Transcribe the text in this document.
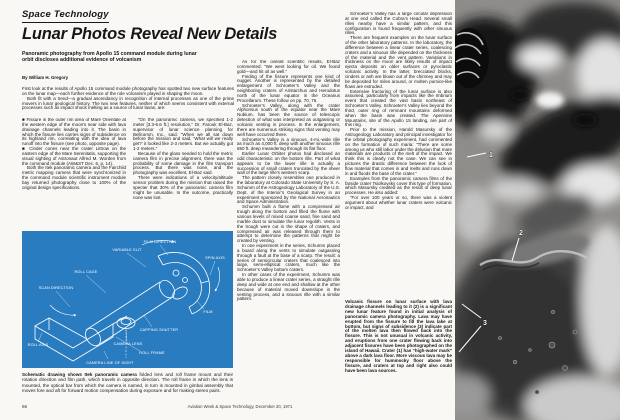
Space Technology
Lunar Photos Reveal New Details
Panoramic photography from Apollo 15 command module during lunar orbit discloses additional evidence of volcanism
By William H. Gregory

First look at the results of Apollo 15 command module photography has spotted two new surface features on the lunar map—each further evidence of the role volcanism played in shaping the moon.

Both fit with a trend—a gradual ascendancy in recognition of internal processes as one of the prime movers in lunar geological history. The two new features, neither of which seems consistent with external processes such as impact shock melting as a source of lunar lavas, are:

■ Fissure in the outer rim area of Mare Orientale at the western edge of the moon’s near side with lava drainage channels leading into it. The basin in which the fissure lies carries signs of subsidence on its highland rim, correlating with the idea of lava runoff into the fissure (see photo, opposite page).

■ Cinder cones near the crater Littrow on the eastern edge of the Mare Serenitatis, supporting the visual sighting of Astronaut Alfred M. Worden from the command module (AW&ST Dec. 6, p. 14).

Both the Itek panoramic camera and the Fairchild metric mapping camera that were synchronized in the command module scientific instrument module bay returned photography close to 100% of the original design specifications.

“On the panoramic camera, we specified 1-2 meter [3.3-6.6 ft.] resolution,” Dr. Farouk El-Baz, supervisor of lunar science planning for Bellcomm, Inc., said. “When we all sat down before the mission and said, ‘What will we really get?’ it looked like 2-3 meters. But we actually got 1-2 meters.”

Because of the glass needed to hold the metric camera film in precise alignment, there was the probability of some damage in the film transport process. But there was none, and the photography was excellent, El-Baz said.

There were indications of a velocity/altitude sensor problem during the mission that raised the specter that 30% of the panoramic camera film might be unusable. In the outcome, practically none was lost.

As for the overall scientific results, El-Baz commented: “We went looking for oil. We found gold—and hit oil as well.”

Finding of the fissure represents one kind of nugget. Another is represented by the detailed enlargement of Schroeter’s Valley and the neighboring craters of Aristarchus and Herodotus north of the lunar equator in the Oceanus Procellarum. These follow on pp. 70, 76.

Schroeter’s Valley, along with the crater Alphonsus south of the equator near the Mare Nubium, has been the source of telescopic detection of what was interpreted as outgassing or volcanic venting in process. In the enlargement, there are numerous striking signs that venting may well have occurred there.

Schroeter’s Valley is a sinuous, 4-mi.-wide rille as much as 4,000 ft. deep with another sinuous rille 650 ft. deep meandering through its flat floor.

Earlier Lunar Orbiter photos had disclosed an odd characteristic on the bottom rille. Part of what appears to be the lower rille is actually a succession of small craters truncated by the sheer wall of the large rille’s western scarp.

The pattern closely resembles one produced in the laboratory at Colorado State University by S. A. Schumm of the Astrogeology Laboratory of the U.S. Dept. of the Interior’s Geological Survey in an experiment sponsored by the National Aeronautics and Space Administration.

Schumm built a flume with a compressed air trough along the bottom and filled the flume with various levels of mixed coarse sand, fine sand and marble dust to simulate the lunar regolith. Vents in the trough were cut in the shape of craters, and compressed air was released through them to attempt to determine the patterns that might be created by venting.

In one experiment in the series, Schumm placed a board along the vents to simulate outgassing through a fault at the base of a scarp. The result: a series of semicircular craters that coalesced into large, semi-elliptical craters, much like the Schroeter’s Valley bottom craters.

In other cases of the experiment, Schumm was able to produce a linear crater series, a straight rille deep and wide at one end and shallow at the other because of material moved downslope in the venting process, and a sinuous rille with a similar pattern.

Schroeter’s Valley has a large circular depression at one end called the Cobra’s Head. Several small rilles nearby have a similar pattern, and this configuration is found frequently with other sinuous rilles.

There are frequent examples on the lunar surface of the other laboratory patterns. In the laboratory, the difference between a linear crater series, coalescing craters and a sinuous rille depended on the thickness of the material and the vent pattern. Variations in thickness on the moon are likely results of impact ejecta deposits on older surfaces or pyroclastic volcanic activity. In the latter, brecciated blocks, cinders or ash are blown out of the chimney and may be deposited for miles around, or molten pumice-like flows are extruded.

Extensive fracturing of the lunar surface is also assumed, particularly from impacts like the Imbrium event that created the vast basin northeast of Schroeter’s Valley. Schroeter’s Valley lies beyond the third, outer ring of remnant mountains deformed when the basin was created. The Apennine Mountains, site of the Apollo 15 landing, are part of this ring.

Prior to the mission, Harold Masursky of the Astrogeology Laboratory and principal investigator for the orbital photography experiment, had commented on the formation of such maria: “There are some among us who still labor under the delusion that mare materials are products of the melt of the impact. We think this is clearly not the case. We can see in pictures the drastic difference between the look of flow material that comes in and melts and runs down in and floods the base of the crater.”

Examples from the panoramic camera films of the farside crater Tsiolkovsky cover this type of formation, which Masursky credited as the result of deep lunar processes. He also added:

“For over 100 years or so, there was a violent argument about whether lunar craters were volcanic or impact, and

Volcanic fissure on lunar surface with lava drainage channels leading to it (2) is a significant new lunar feature found in initial analysis of panoramic camera photography. Lava may have erupted from the fissure to fill the lava lake at bottom, but signs of subsidence (3) indicate part of the molten lava then flowed back into the fissure. This is not unusual in volcanic activity, and eruptions from one crater flowing back into adjacent fissures have been photographed on the island of Hawaii. Crater (1) has “high-water mark” above a dark lava floor. More viscous lava may be responsible for hummocky floor above the fissure, and craters at top and right also could have been lava sources.
FILM DIRECTION
VARIABLE SLIT
SPIN AXIS
ROLL CAGE
SCAN DIRECTION
FILM
CAPPING SHUTTER
CAMERA LENS
ROLL AXIS
ROLL FRAME
CAMERA LINE OF SIGHT
Schematic drawing shows Itek panoramic camera folded lens and roll frame mount and their rotation direction and film path, which travels in opposite direction. The roll frame in which the lens is mounted, the optical bar from which the camera is named, in turn is mounted in gimbal assembly that moves fore and aft for forward motion compensation during exposure and for making stereo pairs.
66	Aviation Week & Space Technology, December 20, 1971
1
2
3
